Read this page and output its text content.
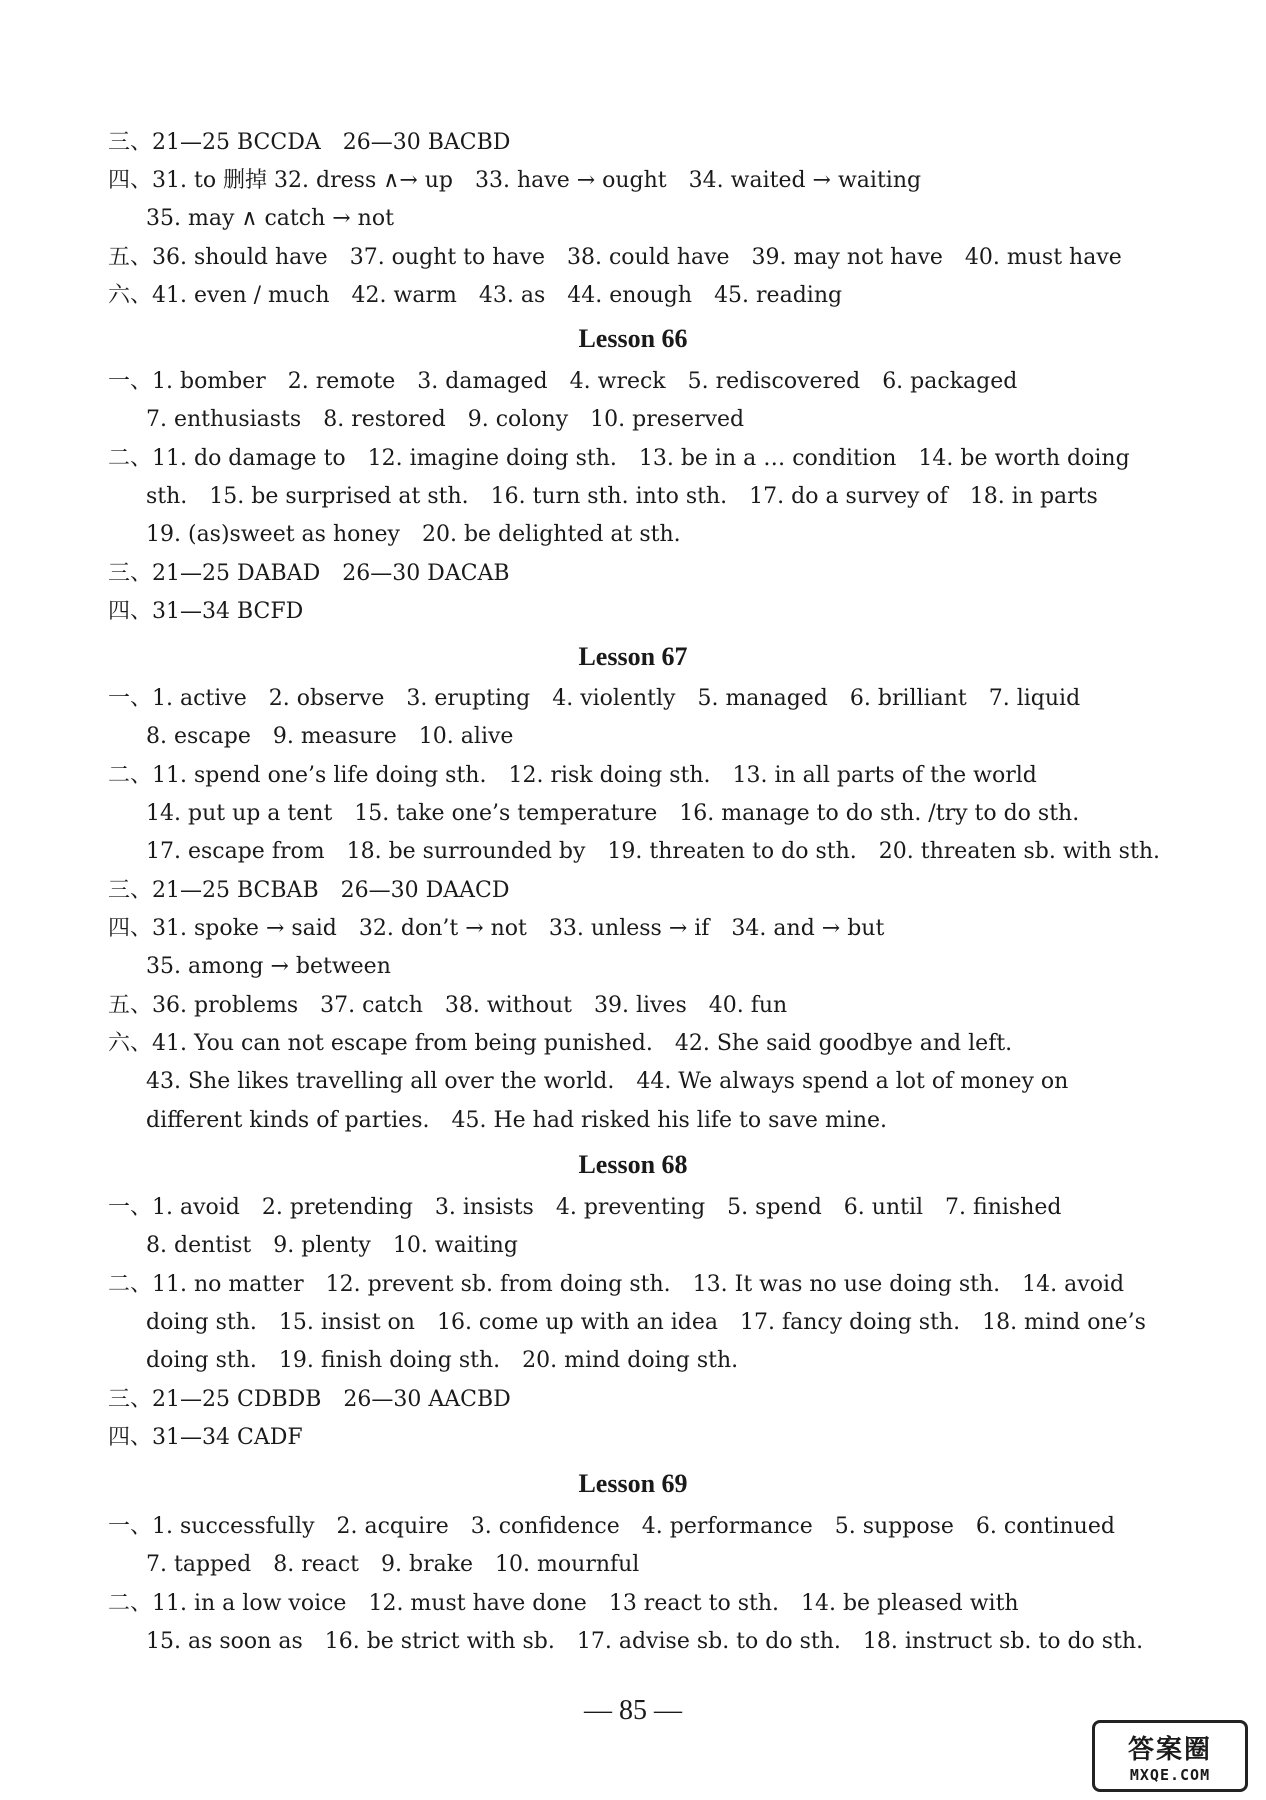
三、21—25 BCCDA　26—30 BACBD
四、31. to 删掉 32. dress ∧→ up　33. have → ought　34. waited → waiting
35. may ∧ catch → not
五、36. should have　37. ought to have　38. could have　39. may not have　40. must have
六、41. even / much　42. warm　43. as　44. enough　45. reading
Lesson 66
一、1. bomber　2. remote　3. damaged　4. wreck　5. rediscovered　6. packaged
7. enthusiasts　8. restored　9. colony　10. preserved
二、11. do damage to　12. imagine doing sth.　13. be in a … condition　14. be worth doing
sth.　15. be surprised at sth.　16. turn sth. into sth.　17. do a survey of　18. in parts
19. (as)sweet as honey　20. be delighted at sth.
三、21—25 DABAD　26—30 DACAB
四、31—34 BCFD
Lesson 67
一、1. active　2. observe　3. erupting　4. violently　5. managed　6. brilliant　7. liquid
8. escape　9. measure　10. alive
二、11. spend one’s life doing sth.　12. risk doing sth.　13. in all parts of the world
14. put up a tent　15. take one’s temperature　16. manage to do sth. /try to do sth.
17. escape from　18. be surrounded by　19. threaten to do sth.　20. threaten sb. with sth.
三、21—25 BCBAB　26—30 DAACD
四、31. spoke → said　32. don’t → not　33. unless → if　34. and → but
35. among → between
五、36. problems　37. catch　38. without　39. lives　40. fun
六、41. You can not escape from being punished.　42. She said goodbye and left.
43. She likes travelling all over the world.　44. We always spend a lot of money on
different kinds of parties.　45. He had risked his life to save mine.
Lesson 68
一、1. avoid　2. pretending　3. insists　4. preventing　5. spend　6. until　7. finished
8. dentist　9. plenty　10. waiting
二、11. no matter　12. prevent sb. from doing sth.　13. It was no use doing sth.　14. avoid
doing sth.　15. insist on　16. come up with an idea　17. fancy doing sth.　18. mind one’s
doing sth.　19. finish doing sth.　20. mind doing sth.
三、21—25 CDBDB　26—30 AACBD
四、31—34 CADF
Lesson 69
一、1. successfully　2. acquire　3. confidence　4. performance　5. suppose　6. continued
7. tapped　8. react　9. brake　10. mournful
二、11. in a low voice　12. must have done　13 react to sth.　14. be pleased with
15. as soon as　16. be strict with sb.　17. advise sb. to do sth.　18. instruct sb. to do sth.
— 85 —
答案圈
MXQE.COM
